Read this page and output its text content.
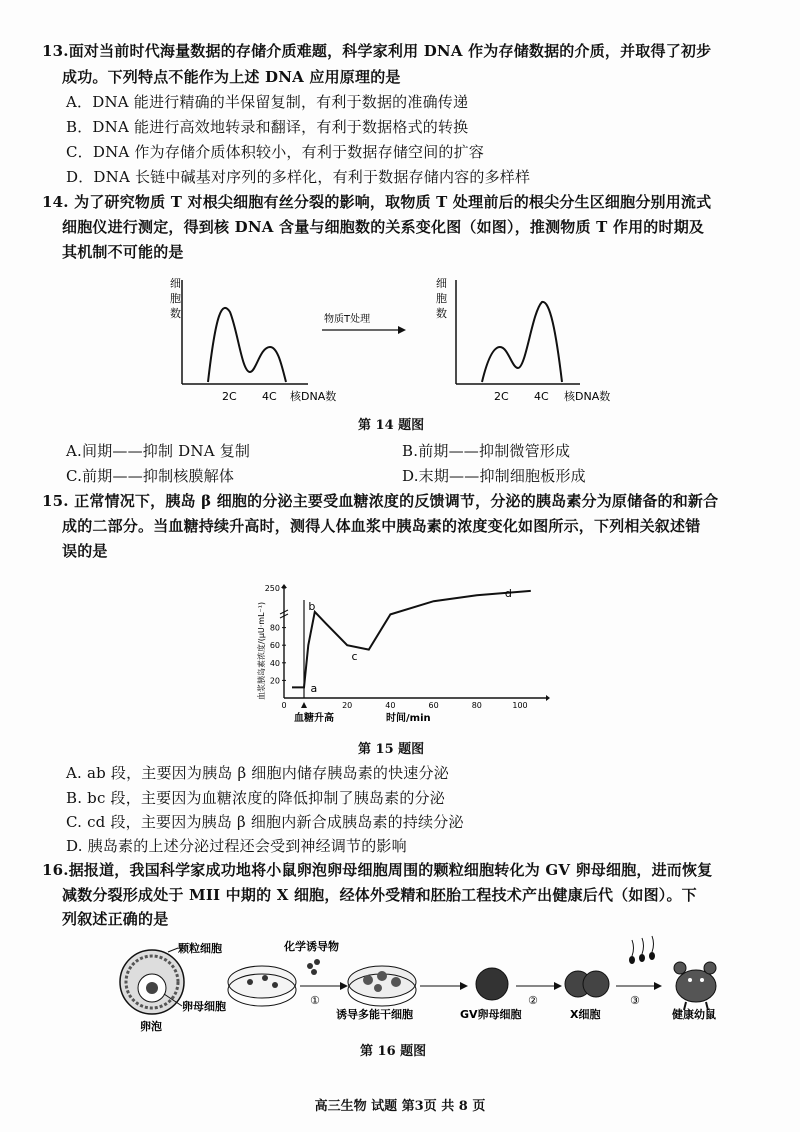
13.面对当前时代海量数据的存储介质难题，科学家利用 DNA 作为存储数据的介质，并取得了初步
成功。下列特点不能作为上述 DNA 应用原理的是
A．DNA 能进行精确的半保留复制，有利于数据的准确传递
B．DNA 能进行高效地转录和翻译，有利于数据格式的转换
C．DNA 作为存储介质体积较小，有利于数据存储空间的扩容
D．DNA 长链中碱基对序列的多样化，有利于数据存储内容的多样样
14. 为了研究物质 T 对根尖细胞有丝分裂的影响，取物质 T 处理前后的根尖分生区细胞分别用流式
细胞仪进行测定，得到核 DNA 含量与细胞数的关系变化图（如图），推测物质 T 作用的时期及
其机制不可能的是
细
胞
数
2C 4C 核DNA数
物质T处理
细
胞
数
2C 4C 核DNA数
第 14 题图
A.间期——抑制 DNA 复制	B.前期——抑制微管形成
C.前期——抑制核膜解体	D.末期——抑制细胞板形成
15. 正常情况下，胰岛 β 细胞的分泌主要受血糖浓度的反馈调节，分泌的胰岛素分为原储备的和新合
成的二部分。当血糖持续升高时，测得人体血浆中胰岛素的浓度变化如图所示，下列相关叙述错
误的是
血浆胰岛素浓度/(μU·mL⁻¹) 20
40
60
80
250
0	20	40	60	80	100
a
b
c
d
血糖升高	时间/min
第 15 题图
A. ab 段，主要因为胰岛 β 细胞内储存胰岛素的快速分泌
B. bc 段，主要因为血糖浓度的降低抑制了胰岛素的分泌
C. cd 段，主要因为胰岛 β 细胞内新合成胰岛素的持续分泌
D. 胰岛素的上述分泌过程还会受到神经调节的影响
16.据报道，我国科学家成功地将小鼠卵泡卵母细胞周围的颗粒细胞转化为 GV 卵母细胞，进而恢复
减数分裂形成处于 MII 中期的 X 细胞，经体外受精和胚胎工程技术产出健康后代（如图）。下
列叙述正确的是
颗粒细胞
卵母细胞
卵泡
化学诱导物
①
诱导多能干细胞	GV卵母细胞
②
X细胞
③
健康幼鼠
第 16 题图
高三生物 试题 第3页 共 8 页
